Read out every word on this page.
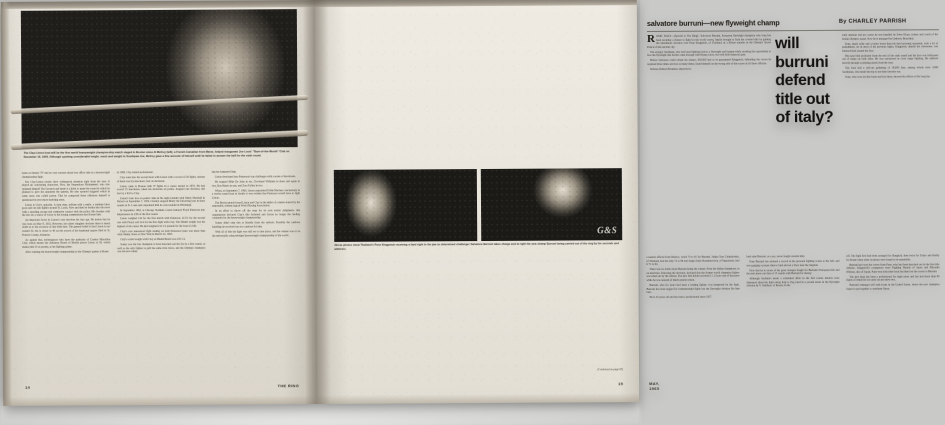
The Clay-Liston bout will be the first world heavyweight championship match staged in Boston since Al McCoy (left), a French-Canadian from Maine, helped inaugurate Joe Louis' "Bum-of-the-Month" Club on December 16, 1940. Although spotting considerable height, reach and weight to Southpaw Joe, McCoy gave a fine account of himself until he failed to answer the bell for the sixth round.

arena on theatre TV and no vast concern about box office take in a heavyweight championship fight.

The Clay-Liston rivalry drew widespread attention right from the start. It played up contrasting characters. First, the Stupendous Mohammed, who also renamed himself The Greatest and made it a habit to name the round in which he planned to give his opponent the quietus. He also spouted doggerel which in some areas was called poetry. That he composed these effusions himself is questioned in ever more doubting areas.

Liston is Clay's opposite. A dour man, seldom with a smile, a onetime labor goon and cut-rate fighter around St. Louis. Now and then he breaks into the news with a speeding escape and combative contact with the police. His brushes with the law are a source of worry to the boxing commissions that license him.

An important factor in Liston's case involves his true age. He insists that he was born on May 8, 1932. However, his oldest daughter declares there is much doubt as to the accuracy of that birth date. The general belief is that Liston is not around 32, but is closer to 40 on the record of his baptismal papers filed in St. Francis County, Arkansas.

As against that, investigators who have the authority of Cassius Marcellus Clay, which means the Arkansas Board of Health places Liston at 30, which makes him 33 at present, at his fighting prime.

After winning the heavyweight championship in the Olympic games at Rome

in 1960, Clay turned professional.

Clay went into the second bout with Liston with a record of 20 fights, sixteen of them won by knockout, four on decisions.

Liston came to Boston with 37 fights in a career started in 1953. He had scored 25 knockouts, taken ten decisions on points, dropped one decision, and lost by a KO to Clay.

Liston's lone loss on points came in his eight rounder with Marty Marshall in Detroit on September 7, 1954. Charley stopped Marty the following year in three rounds in St. Louis and outpointed him in a ten rounder in Pittsburgh.

In September 1962, at Chicago Stadium, Liston battered Floyd Patterson into helplessness in 2:06 of the first round.

Liston weighed 214 for the first match with Patterson, 215% for the second one with Floyd, and 214 for the first fight with Clay. The Miami weight was the highest of his career. He had weighed 212 1/2 pounds for the bout at 2:06.

Clay's own announced fight trading on both Patterson bouts was more than what Jimmy Jones as New York in March 12, 1963.

Clay's scaled weight with Clay at Miami Beach was 210 1/2.

Sonny was the last champion to have knocked out his foe in a first round, as well as the only fighter to pull the same trick twice, and the Olympic champion was the new talent.

ing has hampered him.

Liston developed into Patterson's top challenger with a series of knockouts.

He stopped Mike De John in six, Cleveland Williams in three and again in two, Roy Harris in one, and Zora Folley in two.

When, on September 7, 1960, Liston outpointed Eddie Machen conclusively in a twelve round bout in Seattle it was evident that Patterson would have to fight Liston.

The Boston match found Liston and Clay in the midst of a melee started by the suspended, seldom logical World Boxing Association.

In an effort to throw off the onus for its own erratic judgments, this organization declared Clay's title forfeited and Liston no longer the leading contender for the heavyweight championship.

Sonny didn't take this at blandly from the setback. Possibly the cautious handling he received was too cautious for him.

With all of this the fight was still set to take place, and the winner was to be the universally acknowledged heavyweight championship of the world.

14	THE RING
salvatore burruni—new flyweight champ	By CHARLEY PARRISH
will
burruni
defend
title out
of italy?

ROME, ITALY—(Special to The Ring)—Salvatore Burruni, European flyweight champion who long has been awaiting a chance to fight for the world crown, finally brought to Italy the coveted title by gaining the unanimous decision over Pone Kingpetch, of Thailand, in a fifteen rounder in the Olympic Sports Palace of this ancient city.

The scrappy Sardinian, who had been fighting both as a flyweight and bantam while awaiting the opportunity to face the flyweight title holder came through with flying colors, but with little financial gain.

Before Salvatore could obtain his chance, $50,000 had to be guaranteed Kingpetch, defending the crown he regained three times and lost as many times, found himself on the wrong side of the scores of all three officials.

Referee Ramon Berumen, imported to

early amateur and pro career he was handled by Steve Klaus, trainer and coach of the Italian Olympic squad. Now he is managed by Umberto Branchini.

Pone, much taller and a better boxer than his hard pressing opponent, took a lot of punishment. As in most of his previous fights, Kingpetch, despite his cleverness, was battered hard around the face.

His nose bled profusely from the end of the sixth round and his face was ballooned out of shape on both sides. He was outclassed in close range fighting. He suffered heavily through a pressing attack from the start.

The bout had a sell-out gathering of 18,000 fans, among whom were 3,000 Sardinians, who made the trip to see their favorite son.

Pone, who won six title bouts and lost three, showed the effects of his long lay-

G&S
Above photos show Thailand's Pone Kingpetch receiving a hard right to the jaw as determined challenger Salvatore Burruni takes charge and at right the new champ Burruni being carried out of the ring by his seconds and admirers.

a neutral official from Mexico, voted 74 to 61 for Burruni. Judge Chas Chiakaloskis, of Thailand, had the tally 72 to 68 and Judge Zeljic Bozimirovitch, of Yugoslavia, had it 71 to 64.

There was no doubt about Burruni being the winner. Even the Italian champions, in an interview following the decision, declared that the former world champion fighter was ruled out by the referee. The new title holder received 11 1/2 per cent of the purse while he was assured of much greater return.

Burruni, who for years had been a leading fighter, was hampered by the fight. Burruni has been tagged for bantamweight fights but the flyweight division fits him best.

He is 32 years old and has been a professional since 1957.

land saint Burruni, as a pro, never fought outside Italy.

Pone Burruni has attained a record in his personal fighting scales at the bell, and was gauging a proper time to land and set a blow near the ringside.

Now that he is aware of his great changes fought for Burruni's European title and the next move out date of 15 rounds with Burruni for money.

Although Sardinia's made a scheduled affair in the first round, matters were dismayed about the light rating Italy is flag rated in a second series in the flyweight division by V. Sidelkov, of Russia. In his

off. The fight first had been arranged for Bangkok, then twice for Tokyo and finally for Rome when other locations were found to be unsuitable.

Burruni had won the crown from Pone, who had been knocked out in the first title defense. Kingpetch's conquerors were Fighting Harada of Japan and Hiroyuki Ebihara, also of Japan. Pone won both titles back but then lost the crown to Burruni.

The new king has been a professional for eight years and has had more than 90 fights of which he lost only six and drew two.

Burruni's manager will seek bouts in the United States, where the new champion hopes to put together a consistent flurry.

(Continued on page 63)
MAY, 1965
15
